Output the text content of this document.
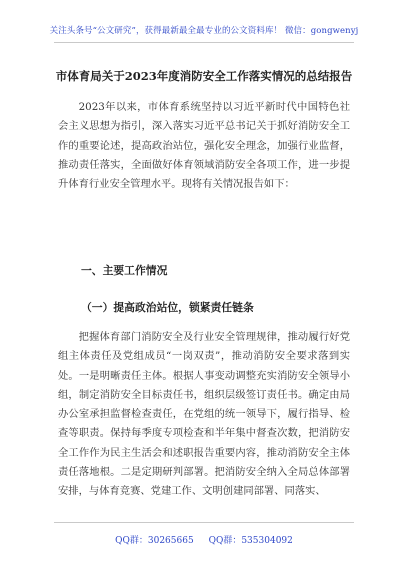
关注头条号“公文研究”，获得最新最全最专业的公文资料库！ 微信：gongwenyj
市体育局关于2023年度消防安全工作落实情况的总结报告

2023年以来，市体育系统坚持以习近平新时代中国特色社会主义思想为指引，深入落实习近平总书记关于抓好消防安全工作的重要论述，提高政治站位，强化安全理念，加强行业监督，推动责任落实，全面做好体育领域消防安全各项工作，进一步提升体育行业安全管理水平。现将有关情况报告如下：

一、主要工作情况
（一）提高政治站位，锁紧责任链条

把握体育部门消防安全及行业安全管理规律，推动履行好党组主体责任及党组成员“一岗双责”，推动消防安全要求落到实处。一是明晰责任主体。根据人事变动调整充实消防安全领导小组，制定消防安全目标责任书，组织层级签订责任书。确定由局办公室承担监督检查责任，在党组的统一领导下，履行指导、检查等职责。保持每季度专项检查和半年集中督查次数，把消防安全工作作为民主生活会和述职报告重要内容，推动消防安全主体责任落地根。二是定期研判部署。把消防安全纳入全局总体部署安排，与体育竞赛、党建工作、文明创建同部署、同落实、

QQ群：30265665 QQ群：535304092
